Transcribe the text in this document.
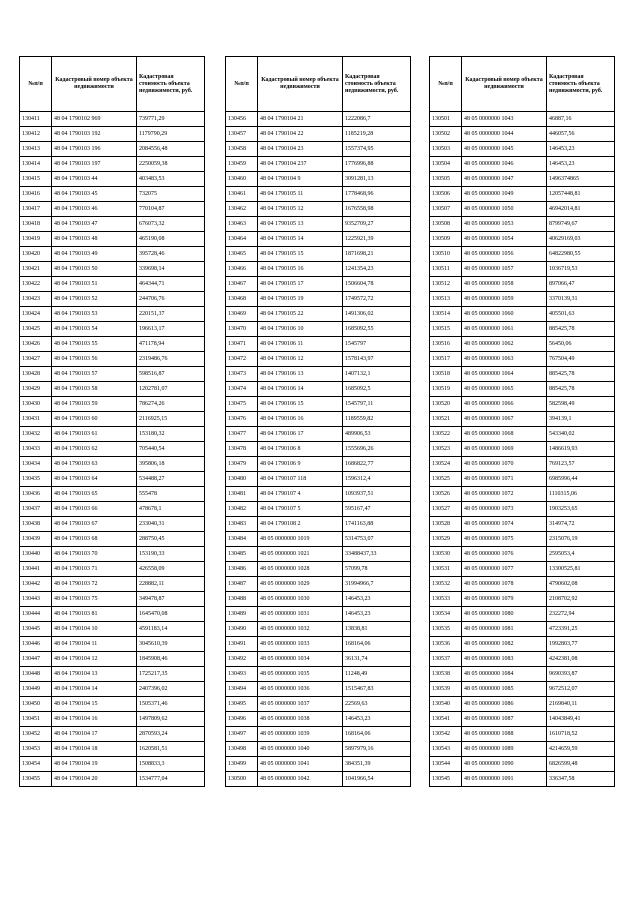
№п/п	Кадастровый номер объекта недвижимости	Кадастровая стоимость объекта недвижимости, руб.
130411	48 04 1790102 969	739771,29
130412	48 04 1790103 192	1179790,29
130413	48 04 1790103 196	2084556,48
130414	48 04 1790103 197	2250059,38
130415	48 04 1790103 44	403483,53
130416	48 04 1790103 45	732075
130417	48 04 1790103 46	770104,87
130418	48 04 1790103 47	676073,32
130419	48 04 1790103 48	465190,08
130420	48 04 1790103 49	395728,46
130421	48 04 1790103 50	339698,14
130422	48 04 1790103 51	464344,71
130423	48 04 1790103 52	244706,76
130424	48 04 1790103 53	220151,37
130425	48 04 1790103 54	196613,17
130426	48 04 1790103 55	471178,94
130427	48 04 1790103 56	2319486,76
130428	48 04 1790103 57	598516,87
130429	48 04 1790103 58	1202781,07
130430	48 04 1790103 59	786274,26
130431	48 04 1790103 60	2116925,15
130432	48 04 1790103 61	153180,32
130433	48 04 1790103 62	705440,54
130434	48 04 1790103 63	395806,18
130435	48 04 1790103 64	534488,27
130436	48 04 1790103 65	555478
130437	48 04 1790103 66	478678,1
130438	48 04 1790103 67	233040,31
130439	48 04 1790103 68	288750,45
130440	48 04 1790103 70	153190,33
130441	48 04 1790103 71	426558,09
130442	48 04 1790103 72	228882,11
130443	48 04 1790103 75	349478,87
130444	48 04 1790103 81	1645470,08
130445	48 04 1790104 10	4591183,14
130446	48 04 1790104 11	3045610,39
130447	48 04 1790104 12	1845908,46
130448	48 04 1790104 13	1725217,35
130449	48 04 1790104 14	2407396,02
130450	48 04 1790104 15	1505371,46
130451	48 04 1790104 16	1497809,62
130452	48 04 1790104 17	2870593,24
130453	48 04 1790104 18	1620581,51
130454	48 04 1790104 19	1508833,3
130455	48 04 1790104 20	1534777,04
№п/п	Кадастровый номер объекта недвижимости	Кадастровая стоимость объекта недвижимости, руб.
130456	48 04 1790104 21	1222086,7
130457	48 04 1790104 22	1185219,28
130458	48 04 1790104 23	1557374,95
130459	48 04 1790104 237	1776996,88
130460	48 04 1790104 9	3091281,13
130461	48 04 1790105 11	1778468,96
130462	48 04 1790105 12	1676558,98
130463	48 04 1790105 13	9352709,27
130464	48 04 1790105 14	1225921,39
130465	48 04 1790105 15	1871698,21
130466	48 04 1790105 16	1241354,23
130467	48 04 1790105 17	1506604,78
130468	48 04 1790105 19	1749572,72
130469	48 04 1790105 22	1491306,02
130470	48 04 1790106 10	1685092,55
130471	48 04 1790106 11	1545797
130472	48 04 1790106 12	1578143,97
130473	48 04 1790106 13	1407132,1
130474	48 04 1790106 14	1685092,5
130475	48 04 1790106 15	1545797,11
130476	48 04 1790106 16	1189559,82
130477	48 04 1790106 17	489906,53
130478	48 04 1790106 8	1555696,26
130479	48 04 1790106 9	1686822,77
130480	48 04 1790107 118	1596312,4
130481	48 04 1790107 4	1093937,51
130482	48 04 1790107 5	595167,47
130483	48 04 1790108 2	1741163,88
130484	48 05 0000000 1019	5314753,07
130485	48 05 0000000 1021	33488437,33
130486	48 05 0000000 1028	57099,78
130487	48 05 0000000 1029	31994966,7
130488	48 05 0000000 1030	146453,23
130489	48 05 0000000 1031	146453,23
130490	48 05 0000000 1032	13838,81
130491	48 05 0000000 1033	168164,06
130492	48 05 0000000 1034	36131,74
130493	48 05 0000000 1035	11248,49
130494	48 05 0000000 1036	1515467,83
130495	48 05 0000000 1037	22569,63
130496	48 05 0000000 1038	146453,23
130497	48 05 0000000 1039	168164,06
130498	48 05 0000000 1040	5897979,16
130499	48 05 0000000 1041	384351,39
130500	48 05 0000000 1042	1041966,54
№п/п	Кадастровый номер объекта недвижимости	Кадастровая стоимость объекта недвижимости, руб.
130501	48 05 0000000 1043	46887,16
130502	48 05 0000000 1044	446057,56
130503	48 05 0000000 1045	146453,23
130504	48 05 0000000 1046	146453,23
130505	48 05 0000000 1047	1496374865
130506	48 05 0000000 1049	12057448,81
130507	48 05 0000000 1050	46942014,81
130508	48 05 0000000 1053	8799749,67
130509	48 05 0000000 1054	40629169,03
130510	48 05 0000000 1056	64822980,55
130511	48 05 0000000 1057	1036719,53
130512	48 05 0000000 1058	897066,47
130513	48 05 0000000 1059	3370139,31
130514	48 05 0000000 1060	405501,63
130515	48 05 0000000 1061	885425,78
130516	48 05 0000000 1062	56450,06
130517	48 05 0000000 1063	767504,49
130518	48 05 0000000 1064	885425,78
130519	48 05 0000000 1065	885425,78
130520	48 05 0000000 1066	582598,49
130521	48 05 0000000 1067	394139,1
130522	48 05 0000000 1068	543340,02
130523	48 05 0000000 1069	1486619,93
130524	48 05 0000000 1070	769123,57
130525	48 05 0000000 1071	6985996,44
130526	48 05 0000000 1072	1110315,06
130527	48 05 0000000 1073	1903253,65
130528	48 05 0000000 1074	314974,72
130529	48 05 0000000 1075	2315076,19
130530	48 05 0000000 1076	2595053,4
130531	48 05 0000000 1077	13300525,81
130532	48 05 0000000 1078	4790602,08
130533	48 05 0000000 1079	2108702,92
130534	48 05 0000000 1080	232272,94
130535	48 05 0000000 1081	4723391,25
130536	48 05 0000000 1082	1992803,77
130537	48 05 0000000 1083	4242381,08
130538	48 05 0000000 1084	9690393,87
130539	48 05 0000000 1085	9672512,07
130540	48 05 0000000 1086	2169840,11
130541	48 05 0000000 1087	14043849,41
130542	48 05 0000000 1088	1610718,52
130543	48 05 0000000 1089	4214659,59
130544	48 05 0000000 1090	6826599,48
130545	48 05 0000000 1091	336347,58
